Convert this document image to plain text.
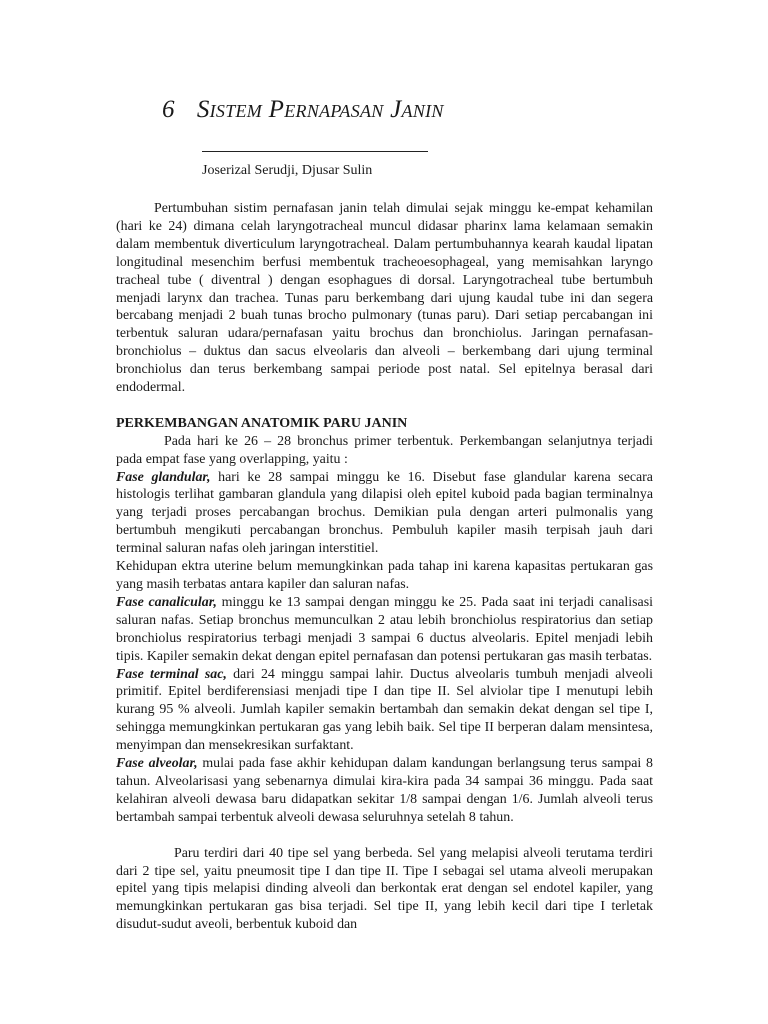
6 Sistem Pernapasan Janin
Joserizal Serudji, Djusar Sulin

Pertumbuhan sistim pernafasan janin telah dimulai sejak minggu ke-empat kehamilan (hari ke 24) dimana celah laryngotracheal muncul didasar pharinx lama kelamaan semakin dalam membentuk diverticulum laryngotracheal. Dalam pertumbuhannya kearah kaudal lipatan longitudinal mesenchim berfusi membentuk tracheoesophageal, yang memisahkan laryngo tracheal tube ( diventral ) dengan esophagues di dorsal. Laryngotracheal tube bertumbuh menjadi larynx dan trachea. Tunas paru berkembang dari ujung kaudal tube ini dan segera bercabang menjadi 2 buah tunas brocho pulmonary (tunas paru). Dari setiap percabangan ini terbentuk saluran udara/pernafasan yaitu brochus dan bronchiolus. Jaringan pernafasan-bronchiolus – duktus dan sacus elveolaris dan alveoli – berkembang dari ujung terminal bronchiolus dan terus berkembang sampai periode post natal. Sel epitelnya berasal dari endodermal.

PERKEMBANGAN ANATOMIK PARU JANIN

Pada hari ke 26 – 28 bronchus primer terbentuk. Perkembangan selanjutnya terjadi pada empat fase yang overlapping, yaitu :

Fase glandular, hari ke 28 sampai minggu ke 16. Disebut fase glandular karena secara histologis terlihat gambaran glandula yang dilapisi oleh epitel kuboid pada bagian terminalnya yang terjadi proses percabangan brochus. Demikian pula dengan arteri pulmonalis yang bertumbuh mengikuti percabangan bronchus. Pembuluh kapiler masih terpisah jauh dari terminal saluran nafas oleh jaringan interstitiel.

Kehidupan ektra uterine belum memungkinkan pada tahap ini karena kapasitas pertukaran gas yang masih terbatas antara kapiler dan saluran nafas.

Fase canalicular, minggu ke 13 sampai dengan minggu ke 25. Pada saat ini terjadi canalisasi saluran nafas. Setiap bronchus memunculkan 2 atau lebih bronchiolus respiratorius dan setiap bronchiolus respiratorius terbagi menjadi 3 sampai 6 ductus alveolaris. Epitel menjadi lebih tipis. Kapiler semakin dekat dengan epitel pernafasan dan potensi pertukaran gas masih terbatas.

Fase terminal sac, dari 24 minggu sampai lahir. Ductus alveolaris tumbuh menjadi alveoli primitif. Epitel berdiferensiasi menjadi tipe I dan tipe II. Sel alviolar tipe I menutupi lebih kurang 95 % alveoli. Jumlah kapiler semakin bertambah dan semakin dekat dengan sel tipe I, sehingga memungkinkan pertukaran gas yang lebih baik. Sel tipe II berperan dalam mensintesa, menyimpan dan mensekresikan surfaktant.

Fase alveolar, mulai pada fase akhir kehidupan dalam kandungan berlangsung terus sampai 8 tahun. Alveolarisasi yang sebenarnya dimulai kira-kira pada 34 sampai 36 minggu. Pada saat kelahiran alveoli dewasa baru didapatkan sekitar 1/8 sampai dengan 1/6. Jumlah alveoli terus bertambah sampai terbentuk alveoli dewasa seluruhnya setelah 8 tahun.

Paru terdiri dari 40 tipe sel yang berbeda. Sel yang melapisi alveoli terutama terdiri dari 2 tipe sel, yaitu pneumosit tipe I dan tipe II. Tipe I sebagai sel utama alveoli merupakan epitel yang tipis melapisi dinding alveoli dan berkontak erat dengan sel endotel kapiler, yang memungkinkan pertukaran gas bisa terjadi. Sel tipe II, yang lebih kecil dari tipe I terletak disudut-sudut aveoli, berbentuk kuboid dan
